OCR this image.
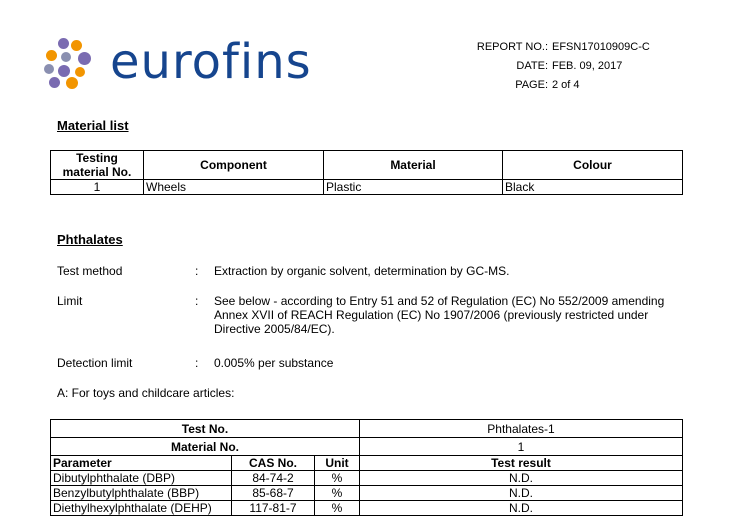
eurofins	REPORT NO.: EFSN17010909C-C
DATE: FEB. 09, 2017
PAGE: 2 of 4
Material list
Testing material No.	Component	Material	Colour
1	Wheels	Plastic	Black
Phthalates
Test method	: Extraction by organic solvent, determination by GC-MS.
Limit	: See below - according to Entry 51 and 52 of Regulation (EC) No 552/2009 amending Annex XVII of REACH Regulation (EC) No 1907/2006 (previously restricted under Directive 2005/84/EC).
Detection limit	: 0.005% per substance
A: For toys and childcare articles:
Test No.			Phthalates-1
Material No.			1
Parameter	CAS No.	Unit	Test result
Dibutylphthalate (DBP)	84-74-2	%	N.D.
Benzylbutylphthalate (BBP)	85-68-7	%	N.D.
Diethylhexylphthalate (DEHP)	117-81-7	%	N.D.
